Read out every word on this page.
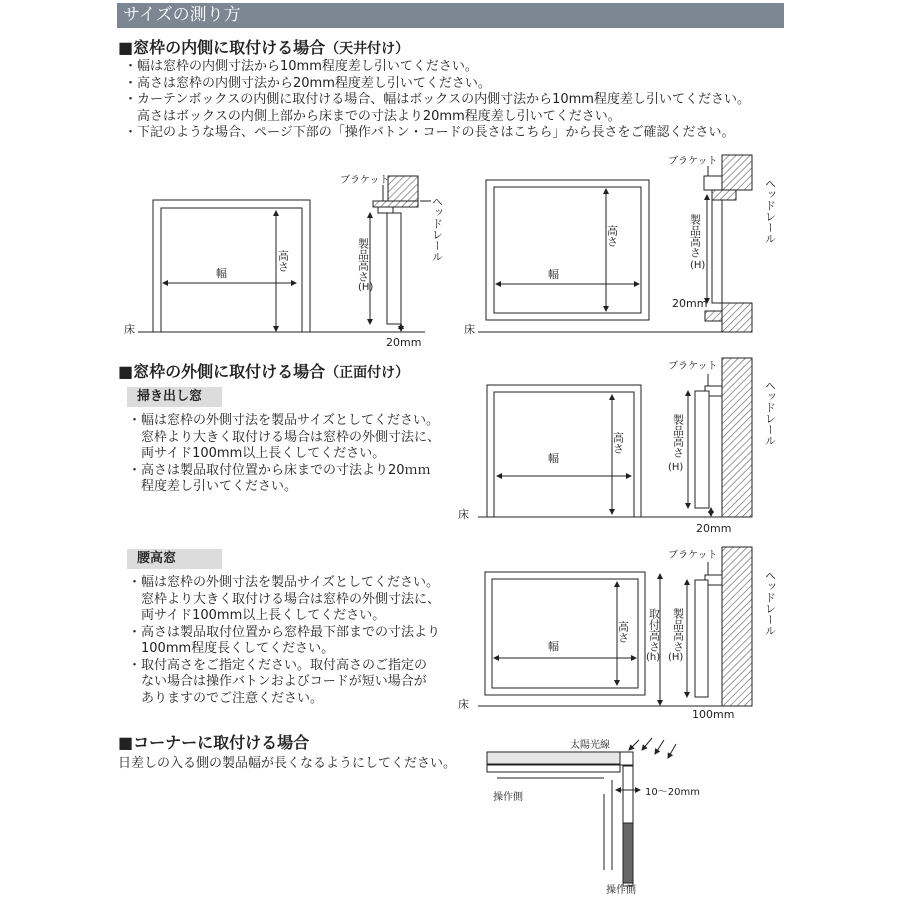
サイズの測り方
■窓枠の内側に取付ける場合（天井付け）
・幅は窓枠の内側寸法から10mm程度差し引いてください。
・高さは窓枠の内側寸法から20mm程度差し引いてください。
・カーテンボックスの内側に取付ける場合、幅はボックスの内側寸法から10mm程度差し引いてください。
　高さはボックスの内側上部から床までの寸法より20mm程度差し引いてください。
・下記のような場合、ページ下部の「操作バトン・コードの長さはこちら」から長さをご確認ください。
■窓枠の外側に取付ける場合（正面付け）
掃き出し窓
・幅は窓枠の外側寸法を製品サイズとしてください。
　窓枠より大きく取付ける場合は窓枠の外側寸法に、
　両サイド100mm以上長くしてください。
・高さは製品取付位置から床までの寸法より20ｍｍ
　程度差し引いてください。
腰高窓
・幅は窓枠の外側寸法を製品サイズとしてください。
　窓枠より大きく取付ける場合は窓枠の外側寸法に、
　両サイド100mm以上長くしてください。
・高さは製品取付位置から窓枠最下部までの寸法より
　100mm程度長くしてください。
・取付高さをご指定ください。取付高さのご指定の
　ない場合は操作バトンおよびコードが短い場合が
　ありますのでご注意ください。
■コーナーに取付ける場合
日差しの入る側の製品幅が長くなるようにしてください。
幅
高さ
床
ブラケット
ヘッドレール
製品高さ
(H)
20mm
幅
高さ
床
ブラケット
ヘッドレール
製品高さ
(H)
20mm
幅
高さ
床
ブラケット
ヘッドレール
製品高さ
(H)
20mm
幅
高さ
床
ブラケット
ヘッドレール
取付高さ
(h)
製品高さ
(H)
100mm
太陽光線
操作側	10～20mm
操作側
